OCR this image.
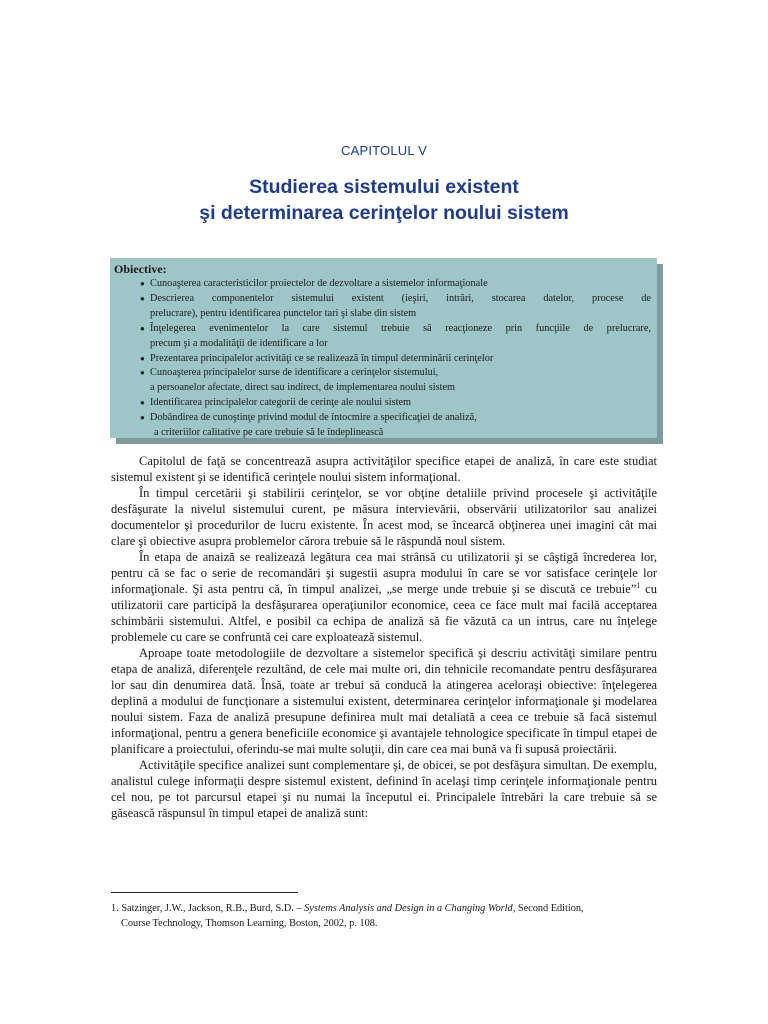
CAPITOLUL V
Studierea sistemului existent
şi determinarea cerinţelor noului sistem
Obiective:
● Cunoaşterea caracteristicilor proiectelor de dezvoltare a sistemelor informaţionale
● Descrierea componentelor sistemului existent (ieşiri, intrări, stocarea datelor, procese de
prelucrare), pentru identificarea punctelor tari şi slabe din sistem
● Înţelegerea evenimentelor la care sistemul trebuie să reacţioneze prin funcţiile de prelucrare,
precum şi a modalităţii de identificare a lor
● Prezentarea principalelor activităţi ce se realizează în timpul determinării cerinţelor
● Cunoaşterea principalelor surse de identificare a cerinţelor sistemului,
a persoanelor afectate, direct sau indirect, de implementarea noului sistem
● Identificarea principalelor categorii de cerinţe ale noului sistem
● Dobândirea de cunoştinţe privind modul de întocmire a specificaţiei de analiză,
a criteriilor calitative pe care trebuie să le îndeplinească

Capitolul de faţă se concentrează asupra activităţilor specifice etapei de analiză, în care este studiat sistemul existent şi se identifică cerinţele noului sistem informaţional.

În timpul cercetării şi stabilirii cerinţelor, se vor obţine detaliile privind procesele şi activităţile desfăşurate la nivelul sistemului curent, pe măsura intervievării, observării utilizatorilor sau analizei documentelor şi procedurilor de lucru existente. În acest mod, se încearcă obţinerea unei imagini cât mai clare şi obiective asupra problemelor cărora trebuie să le răspundă noul sistem.

În etapa de anaiză se realizează legătura cea mai strânsă cu utilizatorii şi se câştigă încrederea lor, pentru că se fac o serie de recomandări şi sugestii asupra modului în care se vor satisface cerinţele lor informaţionale. Şi asta pentru că, în timpul analizei, „se merge unde trebuie şi se discută ce trebuie”$^1$ cu utilizatorii care participă la desfăşurarea operaţiunilor economice, ceea ce face mult mai facilă acceptarea schimbării sistemului. Altfel, e posibil ca echipa de analiză să fie văzută ca un intrus, care nu înţelege problemele cu care se confruntă cei care exploatează sistemul.

Aproape toate metodologiile de dezvoltare a sistemelor specifică şi descriu activităţi similare pentru etapa de analiză, diferenţele rezultând, de cele mai multe ori, din tehnicile recomandate pentru desfăşurarea lor sau din denumirea dată. Însă, toate ar trebui să conducă la atingerea aceloraşi obiective: înţelegerea deplină a modului de funcţionare a sistemului existent, determinarea cerinţelor informaţionale şi modelarea noului sistem. Faza de analiză presupune definirea mult mai detaliată a ceea ce trebuie să facă sistemul informaţional, pentru a genera beneficiile economice şi avantajele tehnologice specificate în timpul etapei de planificare a proiectului, oferindu-se mai multe soluţii, din care cea mai bună va fi supusă proiectării.

Activităţile specifice analizei sunt complementare şi, de obicei, se pot desfăşura simultan. De exemplu, analistul culege informaţii despre sistemul existent, definind în acelaşi timp cerinţele informaţionale pentru cel nou, pe tot parcursul etapei şi nu numai la începutul ei. Principalele întrebări la care trebuie să se găsească răspunsul în timpul etapei de analiză sunt:

1. Satzinger, J.W., Jackson, R.B., Burd, S.D. – Systems Analysis and Design in a Changing World, Second Edition,
Course Technology, Thomson Learning, Boston, 2002, p. 108.
